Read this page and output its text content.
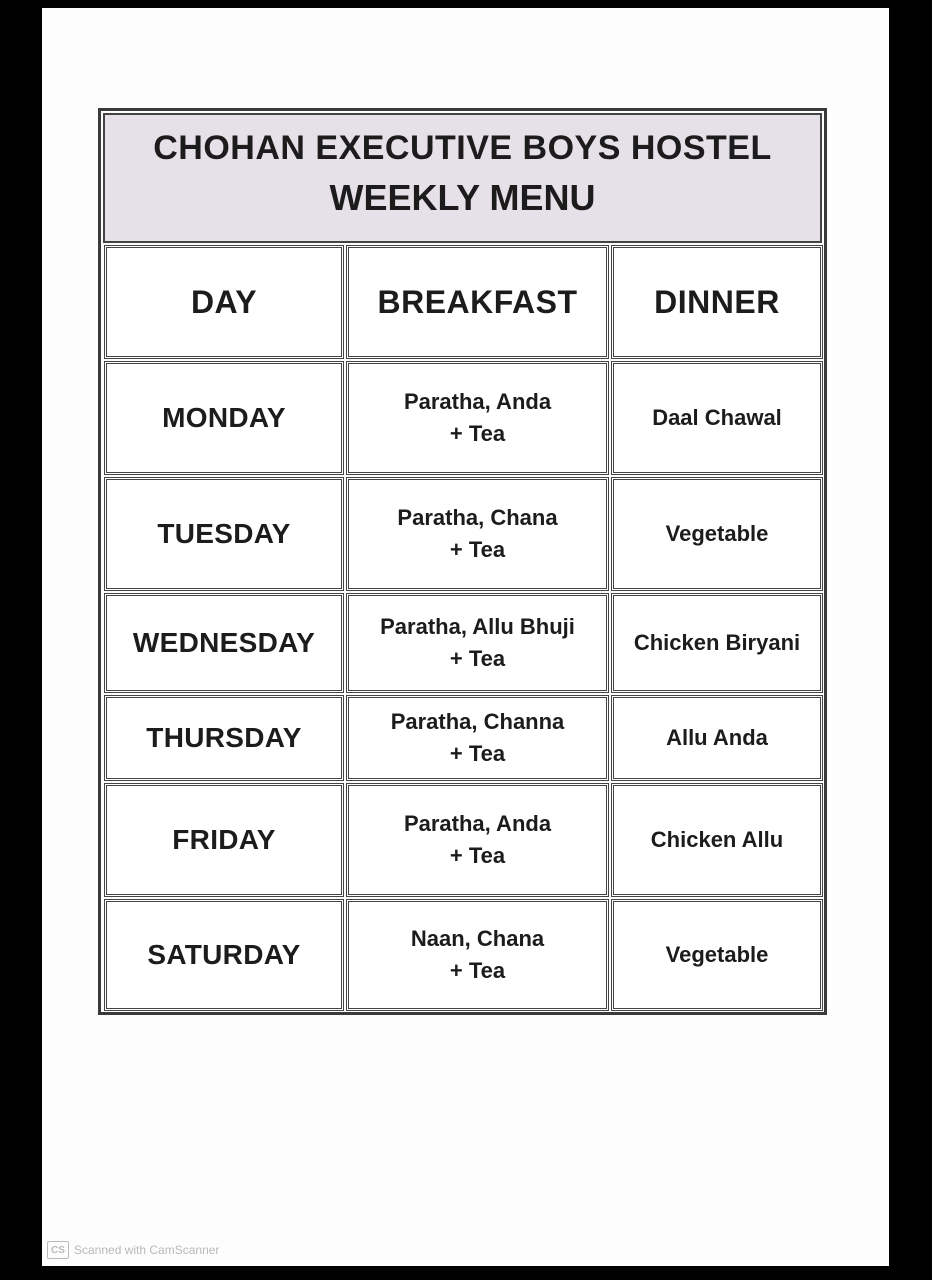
CHOHAN EXECUTIVE BOYS HOSTEL
WEEKLY MENU
DAY	BREAKFAST	DINNER
MONDAY
Paratha, Anda
+ Tea
Daal Chawal
TUESDAY
Paratha, Chana
+ Tea
Vegetable
WEDNESDAY
Paratha, Allu Bhuji
+ Tea
Chicken Biryani
THURSDAY
Paratha, Channa
+ Tea
Allu Anda
FRIDAY
Paratha, Anda
+ Tea
Chicken Allu
SATURDAY
Naan, Chana
+ Tea
Vegetable
CS Scanned with CamScanner
